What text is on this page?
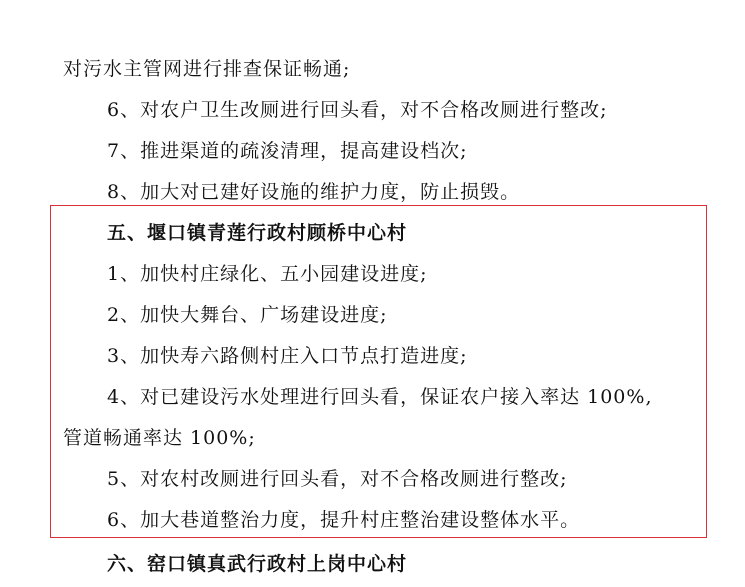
对污水主管网进行排查保证畅通;
6、对农户卫生改厕进行回头看，对不合格改厕进行整改;
7、推进渠道的疏浚清理，提高建设档次;
8、加大对已建好设施的维护力度，防止损毁。
五、堰口镇青莲行政村顾桥中心村
1、加快村庄绿化、五小园建设进度;
2、加快大舞台、广场建设进度;
3、加快寿六路侧村庄入口节点打造进度;
4、对已建设污水处理进行回头看，保证农户接入率达 100%,
管道畅通率达 100%;
5、对农村改厕进行回头看，对不合格改厕进行整改;
6、加大巷道整治力度，提升村庄整治建设整体水平。
六、窑口镇真武行政村上岗中心村
